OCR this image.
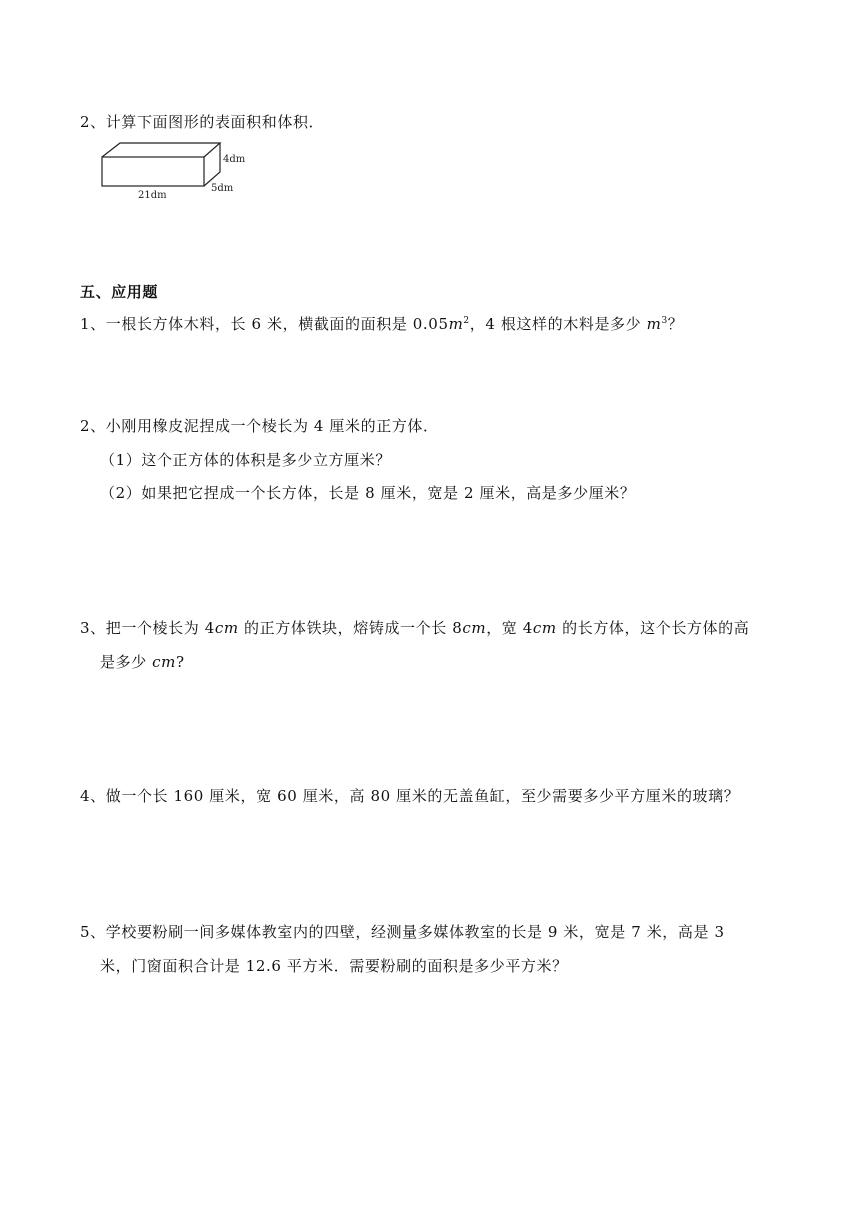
2、计算下面图形的表面积和体积．
4dm
5dm
21dm
五、应用题
1、一根长方体木料，长 6 米，横截面的面积是 $0.05m^2$，4 根这样的木料是多少 $m^3$？
2、小刚用橡皮泥捏成一个棱长为 4 厘米的正方体．
（1）这个正方体的体积是多少立方厘米？
（2）如果把它捏成一个长方体，长是 8 厘米，宽是 2 厘米，高是多少厘米？
3、把一个棱长为 4cm 的正方体铁块，熔铸成一个长 8cm，宽 4cm 的长方体，这个长方体的高
是多少 cm?
4、做一个长 160 厘米，宽 60 厘米，高 80 厘米的无盖鱼缸，至少需要多少平方厘米的玻璃？
5、学校要粉刷一间多媒体教室内的四壁，经测量多媒体教室的长是 9 米，宽是 7 米，高是 3
米，门窗面积合计是 12.6 平方米．需要粉刷的面积是多少平方米？
